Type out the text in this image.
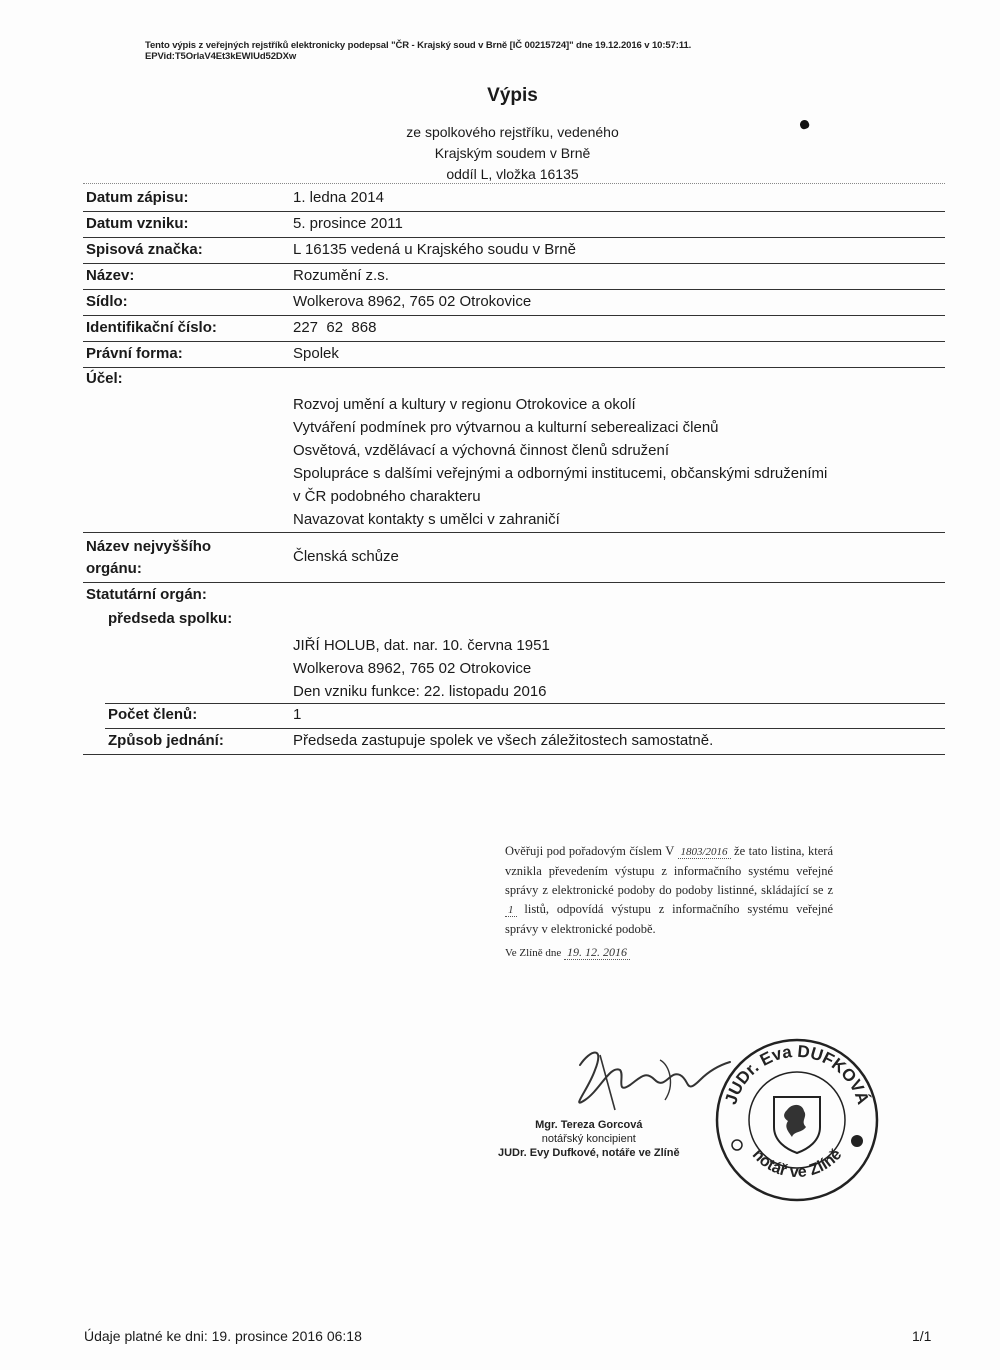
Tento výpis z veřejných rejstříků elektronicky podepsal "ČR - Krajský soud v Brně [IČ 00215724]" dne 19.12.2016 v 10:57:11.
EPVid:T5OrlaV4Et3kEWlUd52DXw
Výpis
ze spolkového rejstříku, vedeného
Krajským soudem v Brně
oddíl L, vložka 16135
Datum zápisu:	1. ledna 2014
Datum vzniku:	5. prosince 2011
Spisová značka:	L 16135 vedená u Krajského soudu v Brně
Název:	Rozumění z.s.
Sídlo:	Wolkerova 8962, 765 02 Otrokovice
Identifikační číslo:	227  62  868
Právní forma:	Spolek
Účel:
Rozvoj umění a kultury v regionu Otrokovice a okolí
Vytváření podmínek pro výtvarnou a kulturní seberealizaci členů
Osvětová, vzdělávací a výchovná činnost členů sdružení
Spolupráce s dalšími veřejnými a odbornými institucemi, občanskými sdruženími
v ČR podobného charakteru
Navazovat kontakty s umělci v zahraničí
Název nejvyššího
orgánu:
Členská schůze
Statutární orgán:
předseda spolku:
JIŘÍ HOLUB, dat. nar. 10. června 1951
Wolkerova 8962, 765 02 Otrokovice
Den vzniku funkce: 22. listopadu 2016
Počet členů:	1
Způsob jednání:	Předseda zastupuje spolek ve všech záležitostech samostatně.
Ověřuji pod pořadovým číslem V 1803/2016 že tato listina, která vznikla převedením výstupu z informačního systému veřejné správy z elektronické podoby do podoby listinné, skládající se z 1 listů, odpovídá výstupu z informačního systému veřejné správy v elektronické podobě.
Ve Zlíně dne 19. 12. 2016
Mgr. Tereza Gorcová
notářský koncipient
JUDr. Evy Dufkové, notáře ve Zlíně
JUDr. Eva DUFKOVÁ
notář ve Zlíně
Údaje platné ke dni: 19. prosince 2016 06:18	1/1
